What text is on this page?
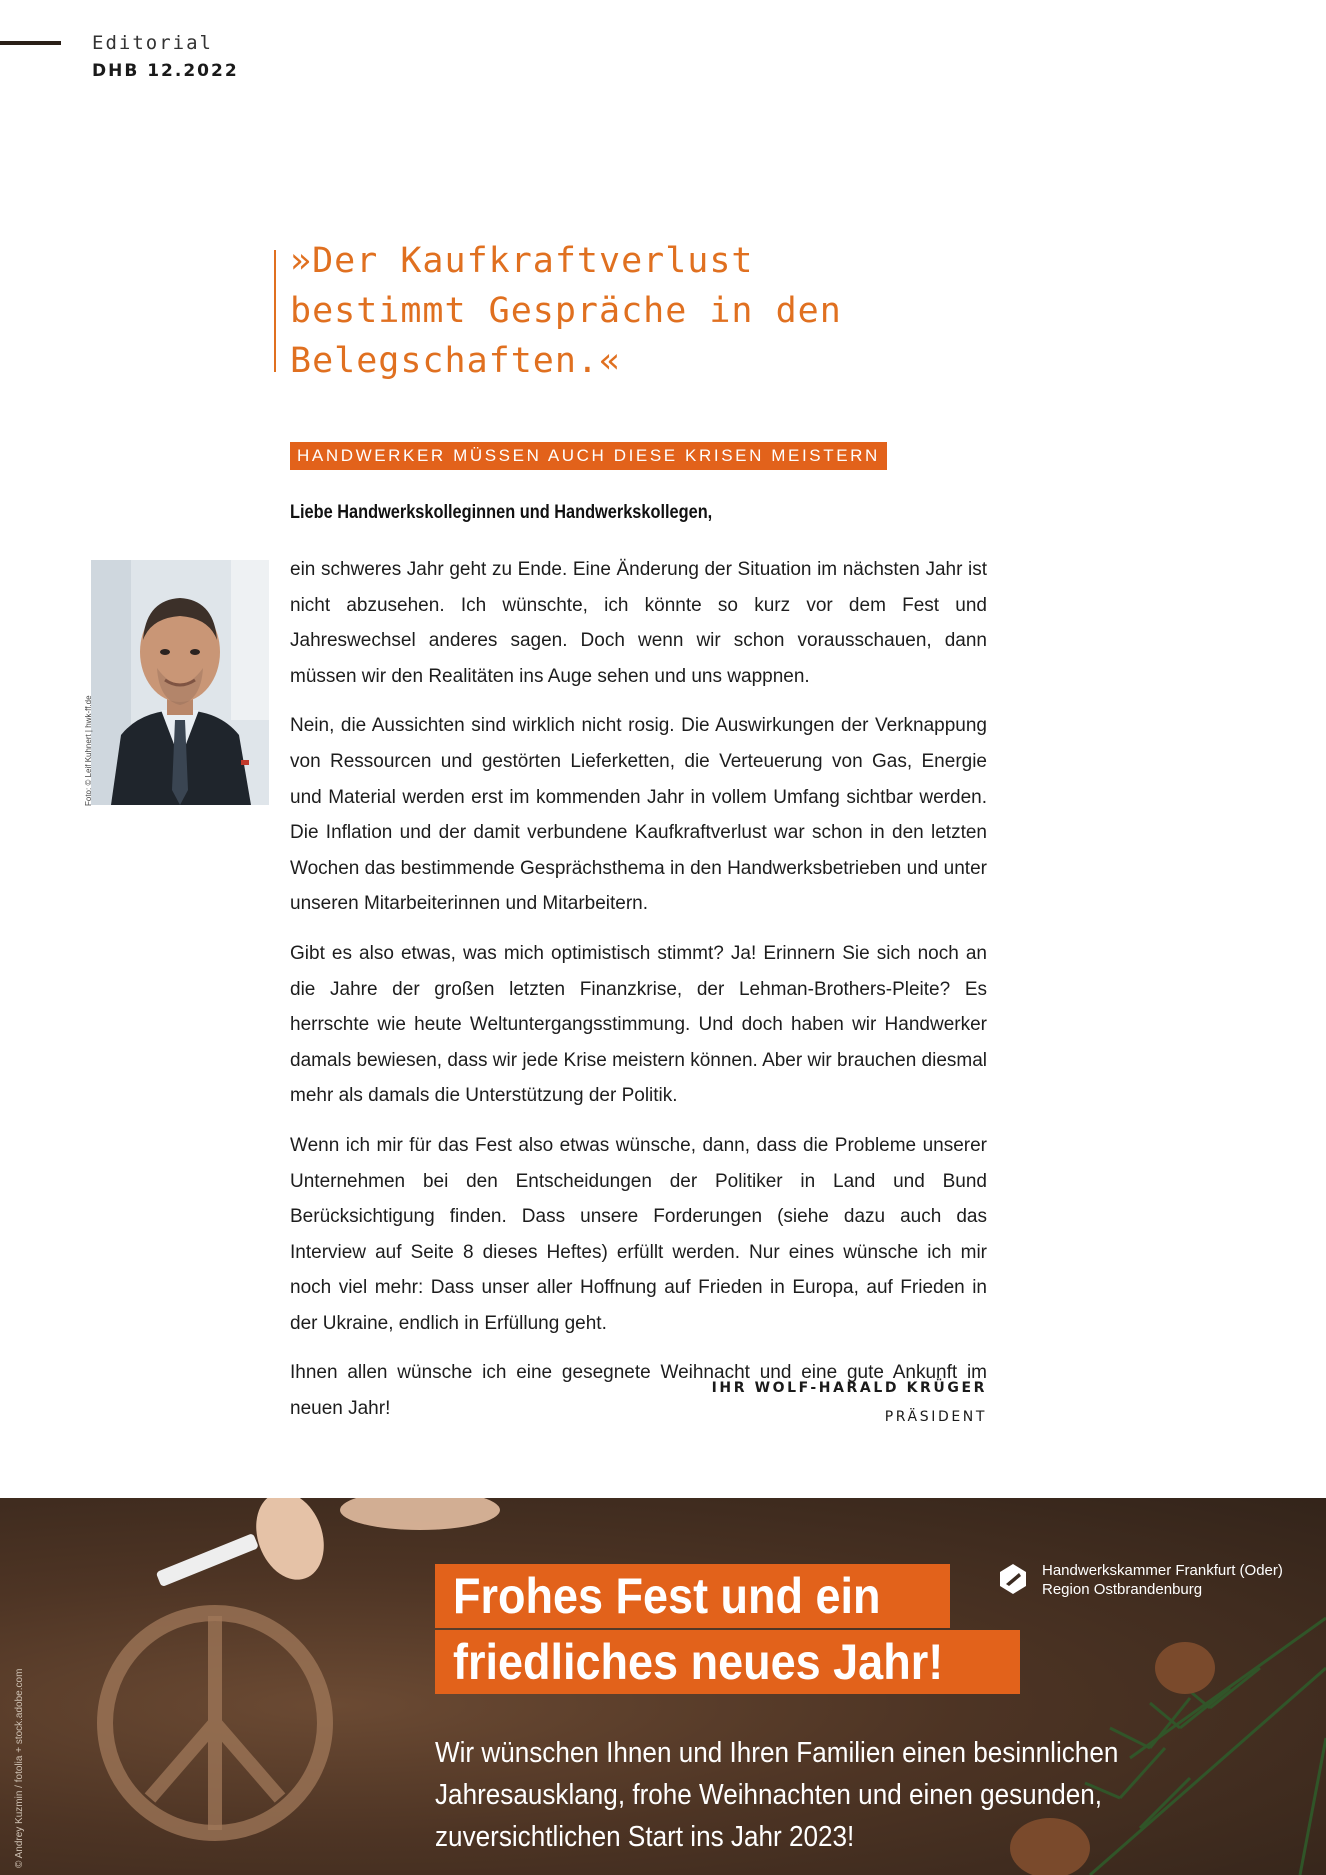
Editorial
DHB 12.2022
»Der Kaufkraftverlust bestimmt Gespräche in den Belegschaften.«
HANDWERKER MÜSSEN AUCH DIESE KRISEN MEISTERN
Liebe Handwerkskolleginnen und Handwerkskollegen,
Foto: © Leif Kuhnert | hwk-ff.de

ein schweres Jahr geht zu Ende. Eine Änderung der Situation im nächsten Jahr ist nicht abzusehen. Ich wünschte, ich könnte so kurz vor dem Fest und Jahreswechsel anderes sagen. Doch wenn wir schon vorausschauen, dann müssen wir den Realitäten ins Auge sehen und uns wappnen.

Nein, die Aussichten sind wirklich nicht rosig. Die Auswirkungen der Verknappung von Ressourcen und gestörten Lieferketten, die Verteuerung von Gas, Energie und Material werden erst im kommenden Jahr in vollem Umfang sichtbar werden. Die Inflation und der damit verbundene Kaufkraftverlust war schon in den letzten Wochen das bestimmende Gesprächsthema in den Handwerksbetrieben und unter unseren Mitarbeiterinnen und Mitarbeitern.

Gibt es also etwas, was mich optimistisch stimmt? Ja! Erinnern Sie sich noch an die Jahre der großen letzten Finanzkrise, der Lehman-Brothers-Pleite? Es herrschte wie heute Weltuntergangsstimmung. Und doch haben wir Handwerker damals bewiesen, dass wir jede Krise meistern können. Aber wir brauchen diesmal mehr als damals die Unterstützung der Politik.

Wenn ich mir für das Fest also etwas wünsche, dann, dass die Probleme unserer Unternehmen bei den Entscheidungen der Politiker in Land und Bund Berücksichtigung finden. Dass unsere Forderungen (siehe dazu auch das Interview auf Seite 8 dieses Heftes) erfüllt werden. Nur eines wünsche ich mir noch viel mehr: Dass unser aller Hoffnung auf Frieden in Europa, auf Frieden in der Ukraine, endlich in Erfüllung geht.

Ihnen allen wünsche ich eine gesegnete Weihnacht und eine gute Ankunft im neuen Jahr!

IHR WOLF-HARALD KRÜGER
PRÄSIDENT
© Andrey Kuzmin / fotolia + stock.adobe.com
Frohes Fest und ein
friedliches neues Jahr!
Wir wünschen Ihnen und Ihren Familien einen besinnlichen Jahresausklang, frohe Weihnachten und einen gesunden, zuversichtlichen Start ins Jahr 2023!
Handwerkskammer Frankfurt (Oder)
Region Ostbrandenburg
